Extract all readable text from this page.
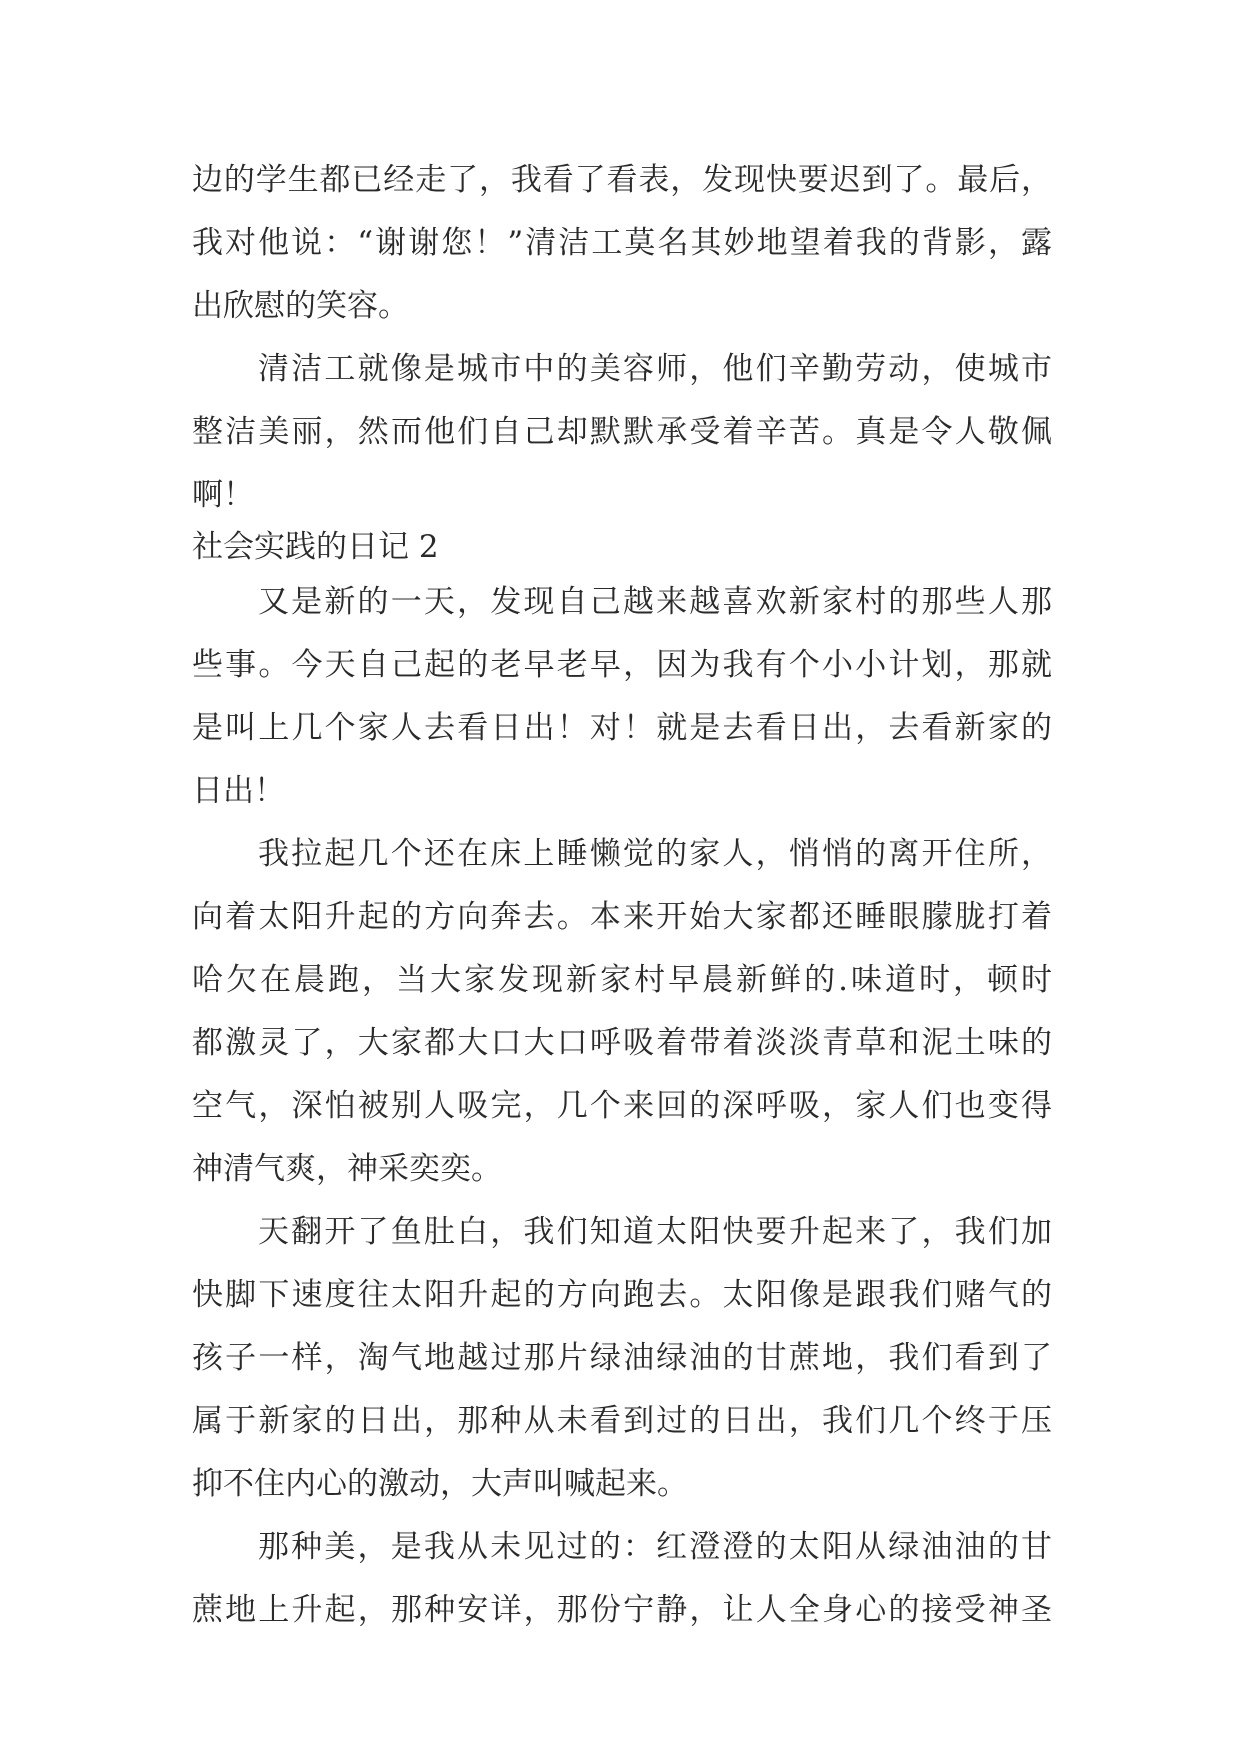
边的学生都已经走了，我看了看表，发现快要迟到了。最后，
我对他说：“谢谢您！”清洁工莫名其妙地望着我的背影，露
出欣慰的笑容。
清洁工就像是城市中的美容师，他们辛勤劳动，使城市
整洁美丽，然而他们自己却默默承受着辛苦。真是令人敬佩
啊！
社会实践的日记 2
又是新的一天，发现自己越来越喜欢新家村的那些人那
些事。今天自己起的老早老早，因为我有个小小计划，那就
是叫上几个家人去看日出！对！就是去看日出，去看新家的
日出！
我拉起几个还在床上睡懒觉的家人，悄悄的离开住所，
向着太阳升起的方向奔去。本来开始大家都还睡眼朦胧打着
哈欠在晨跑，当大家发现新家村早晨新鲜的.味道时，顿时
都激灵了，大家都大口大口呼吸着带着淡淡青草和泥土味的
空气，深怕被别人吸完，几个来回的深呼吸，家人们也变得
神清气爽，神采奕奕。
天翻开了鱼肚白，我们知道太阳快要升起来了，我们加
快脚下速度往太阳升起的方向跑去。太阳像是跟我们赌气的
孩子一样，淘气地越过那片绿油绿油的甘蔗地，我们看到了
属于新家的日出，那种从未看到过的日出，我们几个终于压
抑不住内心的激动，大声叫喊起来。
那种美，是我从未见过的：红澄澄的太阳从绿油油的甘
蔗地上升起，那种安详，那份宁静，让人全身心的接受神圣
